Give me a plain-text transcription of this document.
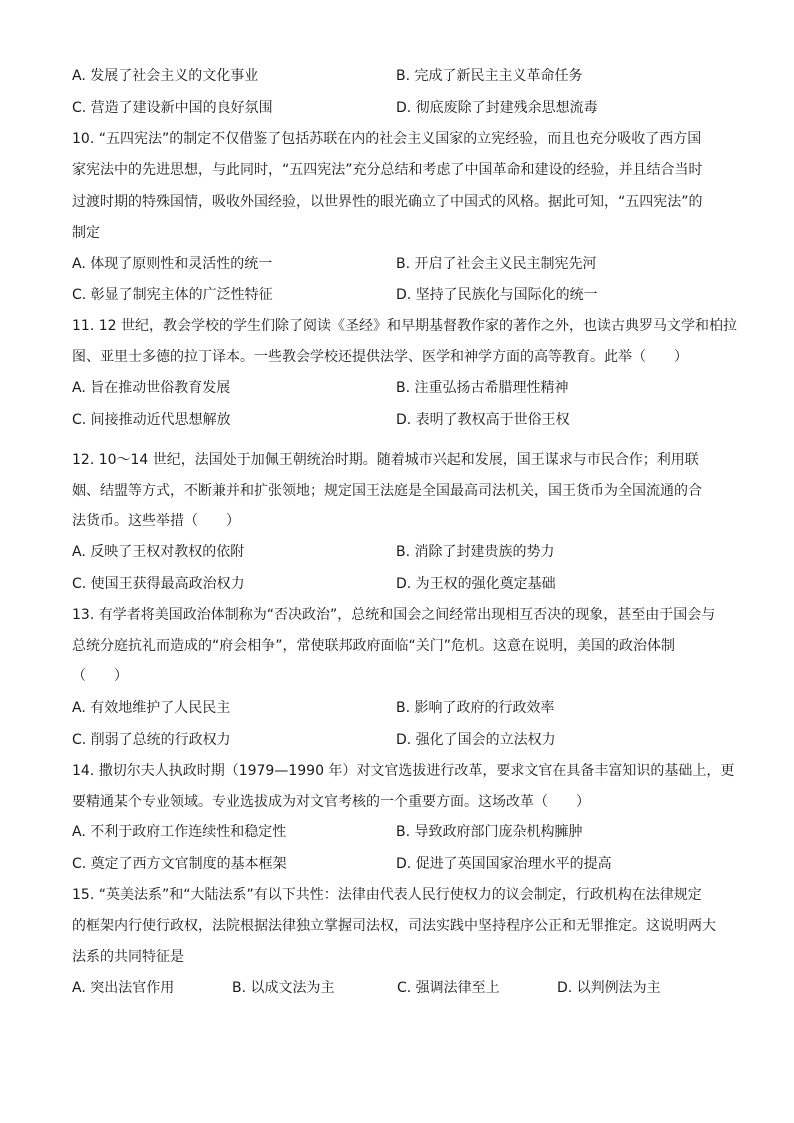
A. 发展了社会主义的文化事业	B. 完成了新民主主义革命任务
C. 营造了建设新中国的良好氛围	D. 彻底废除了封建残余思想流毒
10. “五四宪法”的制定不仅借鉴了包括苏联在内的社会主义国家的立宪经验，而且也充分吸收了西方国
家宪法中的先进思想，与此同时，“五四宪法”充分总结和考虑了中国革命和建设的经验，并且结合当时
过渡时期的特殊国情，吸收外国经验，以世界性的眼光确立了中国式的风格。据此可知，“五四宪法”的
制定
A. 体现了原则性和灵活性的统一	B. 开启了社会主义民主制宪先河
C. 彰显了制宪主体的广泛性特征	D. 坚持了民族化与国际化的统一
11. 12 世纪，教会学校的学生们除了阅读《圣经》和早期基督教作家的著作之外，也读古典罗马文学和柏拉
图、亚里士多德的拉丁译本。一些教会学校还提供法学、医学和神学方面的高等教育。此举（　　）
A. 旨在推动世俗教育发展	B. 注重弘扬古希腊理性精神
C. 间接推动近代思想解放	D. 表明了教权高于世俗王权
12. 10～14 世纪，法国处于加佩王朝统治时期。随着城市兴起和发展，国王谋求与市民合作；利用联
姻、结盟等方式，不断兼并和扩张领地；规定国王法庭是全国最高司法机关，国王货币为全国流通的合
法货币。这些举措（　　）
A. 反映了王权对教权的依附	B. 消除了封建贵族的势力
C. 使国王获得最高政治权力	D. 为王权的强化奠定基础
13. 有学者将美国政治体制称为“否决政治”，总统和国会之间经常出现相互否决的现象，甚至由于国会与
总统分庭抗礼而造成的“府会相争”，常使联邦政府面临“关门”危机。这意在说明，美国的政治体制
（　　）
A. 有效地维护了人民民主	B. 影响了政府的行政效率
C. 削弱了总统的行政权力	D. 强化了国会的立法权力
14. 撒切尔夫人执政时期（1979—1990 年）对文官选拔进行改革，要求文官在具备丰富知识的基础上，更
要精通某个专业领域。专业选拔成为对文官考核的一个重要方面。这场改革（　　）
A. 不利于政府工作连续性和稳定性	B. 导致政府部门庞杂机构臃肿
C. 奠定了西方文官制度的基本框架	D. 促进了英国国家治理水平的提高
15. “英美法系”和“大陆法系”有以下共性：法律由代表人民行使权力的议会制定，行政机构在法律规定
的框架内行使行政权，法院根据法律独立掌握司法权，司法实践中坚持程序公正和无罪推定。这说明两大
法系的共同特征是
A. 突出法官作用	B. 以成文法为主	C. 强调法律至上	D. 以判例法为主
